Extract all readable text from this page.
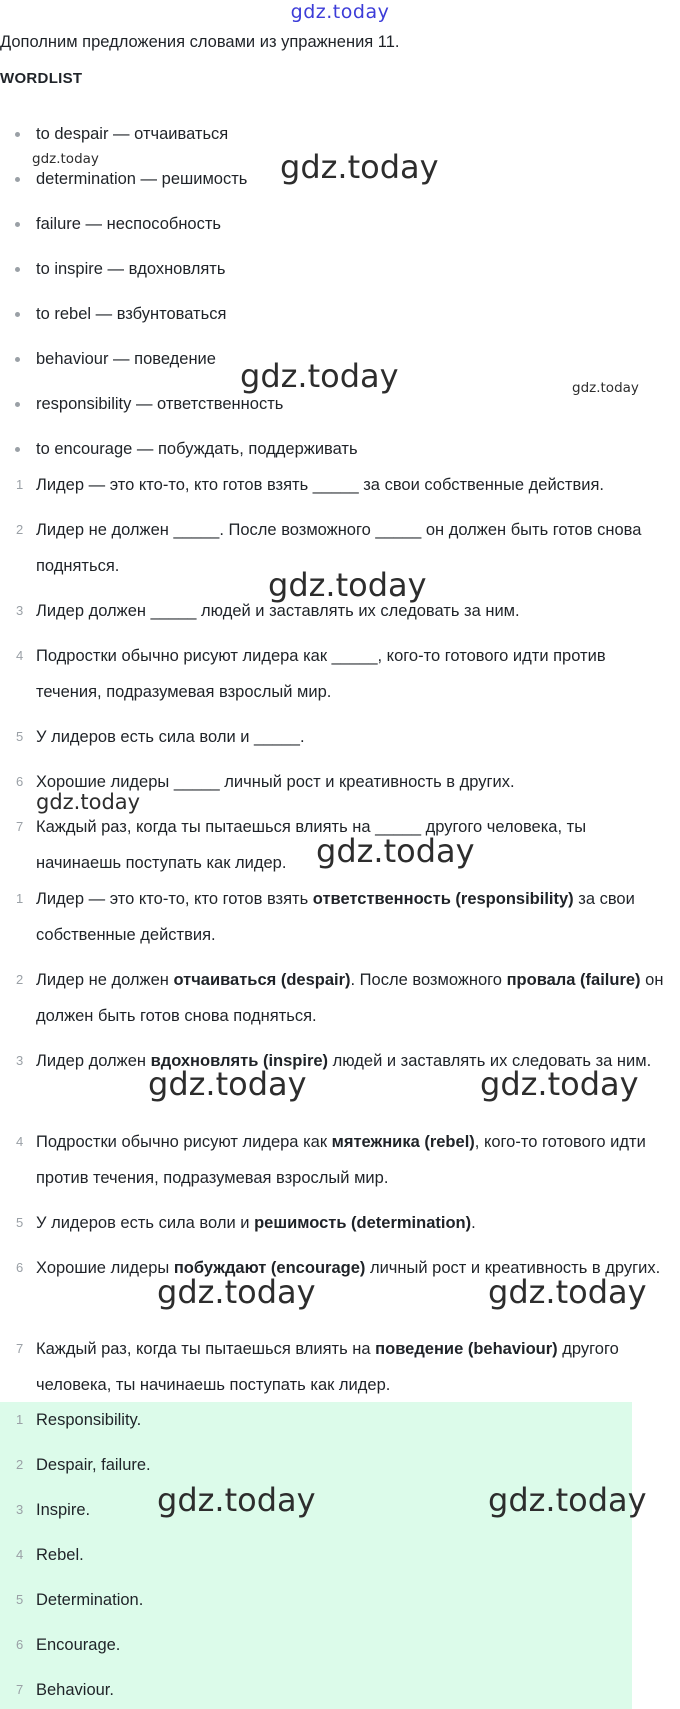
gdz.today
Дополним предложения словами из упражнения 11.
WORDLIST
to despair — отчаиваться
determination — решимость
failure — неспособность
to inspire — вдохновлять
to rebel — взбунтоваться
behaviour — поведение
responsibility — ответственность
to encourage — побуждать, поддерживать
1 Лидер — это кто-то, кто готов взять _____ за свои собственные действия.
2 Лидер не должен _____. После возможного _____ он должен быть готов снова подняться.
3 Лидер должен _____ людей и заставлять их следовать за ним.
4 Подростки обычно рисуют лидера как _____, кого-то готового идти против течения, подразумевая взрослый мир.
5 У лидеров есть сила воли и _____.
6 Хорошие лидеры _____ личный рост и креативность в других.
7 Каждый раз, когда ты пытаешься влиять на _____ другого человека, ты начинаешь поступать как лидер.
1 Лидер — это кто-то, кто готов взять ответственность (responsibility) за свои собственные действия.
2 Лидер не должен отчаиваться (despair). После возможного провала (failure) он должен быть готов снова подняться.
3 Лидер должен вдохновлять (inspire) людей и заставлять их следовать за ним.
4 Подростки обычно рисуют лидера как мятежника (rebel), кого-то готового идти против течения, подразумевая взрослый мир.
5 У лидеров есть сила воли и решимость (determination).
6 Хорошие лидеры побуждают (encourage) личный рост и креативность в других.
7 Каждый раз, когда ты пытаешься влиять на поведение (behaviour) другого человека, ты начинаешь поступать как лидер.
1 Responsibility.
2 Despair, failure.
3 Inspire.
4 Rebel.
5 Determination.
6 Encourage.
7 Behaviour.
gdz.today	gdz.today
gdz.today	gdz.today
gdz.today
gdz.today
gdz.today
gdz.today	gdz.today
gdz.today	gdz.today
gdz.today	gdz.today
